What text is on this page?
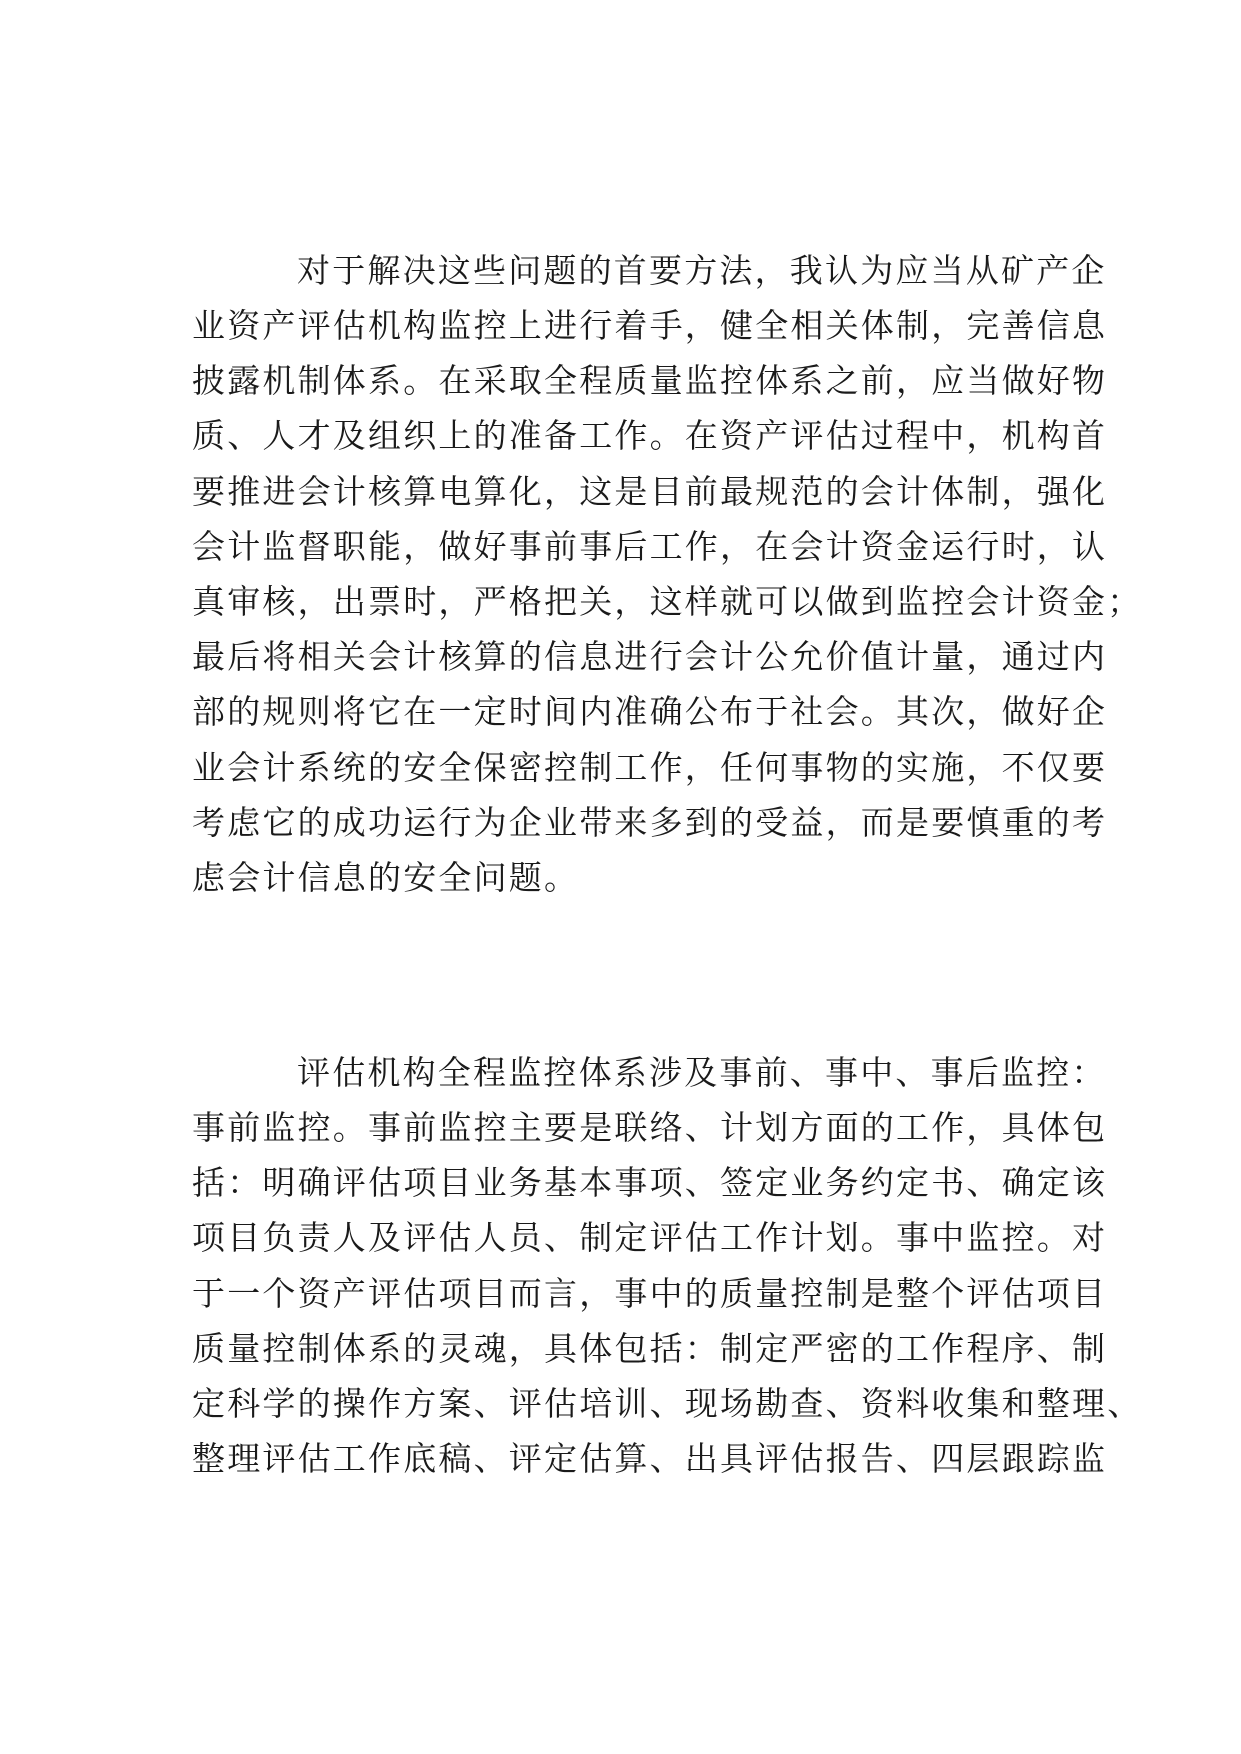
对于解决这些问题的首要方法，我认为应当从矿产企
业资产评估机构监控上进行着手，健全相关体制，完善信息
披露机制体系。在采取全程质量监控体系之前，应当做好物
质、人才及组织上的准备工作。在资产评估过程中，机构首
要推进会计核算电算化，这是目前最规范的会计体制，强化
会计监督职能，做好事前事后工作，在会计资金运行时，认
真审核，出票时，严格把关，这样就可以做到监控会计资金；
最后将相关会计核算的信息进行会计公允价值计量，通过内
部的规则将它在一定时间内准确公布于社会。其次，做好企
业会计系统的安全保密控制工作，任何事物的实施，不仅要
考虑它的成功运行为企业带来多到的受益，而是要慎重的考
虑会计信息的安全问题。
评估机构全程监控体系涉及事前、事中、事后监控：
事前监控。事前监控主要是联络、计划方面的工作，具体包
括：明确评估项目业务基本事项、签定业务约定书、确定该
项目负责人及评估人员、制定评估工作计划。事中监控。对
于一个资产评估项目而言，事中的质量控制是整个评估项目
质量控制体系的灵魂，具体包括：制定严密的工作程序、制
定科学的操作方案、评估培训、现场勘查、资料收集和整理、
整理评估工作底稿、评定估算、出具评估报告、四层跟踪监
